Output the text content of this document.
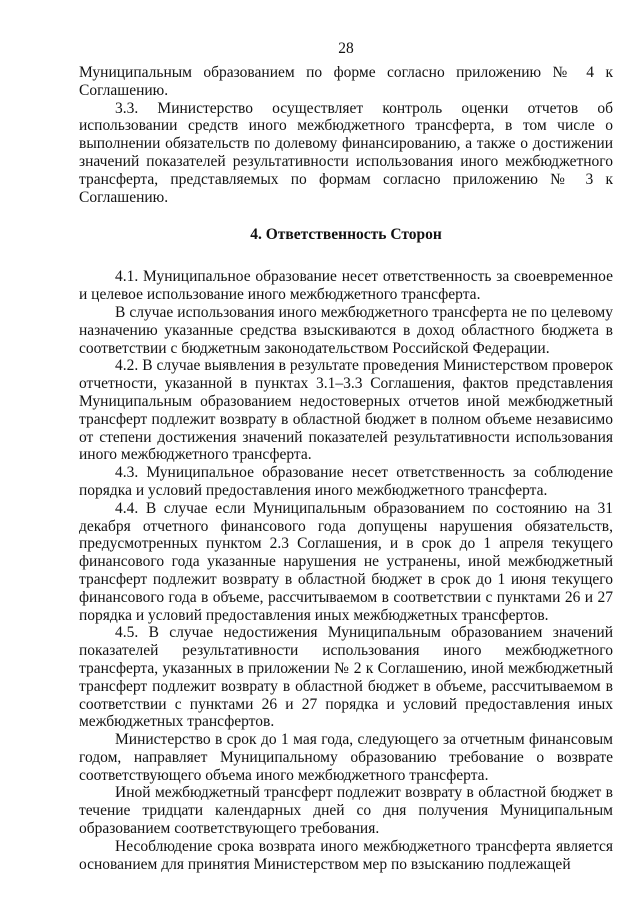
28

Муниципальным образованием по форме согласно приложению № 4 к Соглашению.

3.3. Министерство осуществляет контроль оценки отчетов об использовании средств иного межбюджетного трансферта, в том числе о выполнении обязательств по долевому финансированию, а также о достижении значений показателей результативности использования иного межбюджетного трансферта, представляемых по формам согласно приложению № 3 к Соглашению.

4. Ответственность Сторон

4.1. Муниципальное образование несет ответственность за своевременное и целевое использование иного межбюджетного трансферта.

В случае использования иного межбюджетного трансферта не по целевому назначению указанные средства взыскиваются в доход областного бюджета в соответствии с бюджетным законодательством Российской Федерации.

4.2. В случае выявления в результате проведения Министерством проверок отчетности, указанной в пунктах 3.1–3.3 Соглашения, фактов представления Муниципальным образованием недостоверных отчетов иной межбюджетный трансферт подлежит возврату в областной бюджет в полном объеме независимо от степени достижения значений показателей результативности использования иного межбюджетного трансферта.

4.3. Муниципальное образование несет ответственность за соблюдение порядка и условий предоставления иного межбюджетного трансферта.

4.4. В случае если Муниципальным образованием по состоянию на 31 декабря отчетного финансового года допущены нарушения обязательств, предусмотренных пунктом 2.3 Соглашения, и в срок до 1 апреля текущего финансового года указанные нарушения не устранены, иной межбюджетный трансферт подлежит возврату в областной бюджет в срок до 1 июня текущего финансового года в объеме, рассчитываемом в соответствии с пунктами 26 и 27 порядка и условий предоставления иных межбюджетных трансфертов.

4.5. В случае недостижения Муниципальным образованием значений показателей результативности использования иного межбюджетного трансферта, указанных в приложении № 2 к Соглашению, иной межбюджетный трансферт подлежит возврату в областной бюджет в объеме, рассчитываемом в соответствии с пунктами 26 и 27 порядка и условий предоставления иных межбюджетных трансфертов.

Министерство в срок до 1 мая года, следующего за отчетным финансовым годом, направляет Муниципальному образованию требование о возврате соответствующего объема иного межбюджетного трансферта.

Иной межбюджетный трансферт подлежит возврату в областной бюджет в течение тридцати календарных дней со дня получения Муниципальным образованием соответствующего требования.

Несоблюдение срока возврата иного межбюджетного трансферта является основанием для принятия Министерством мер по взысканию подлежащей
